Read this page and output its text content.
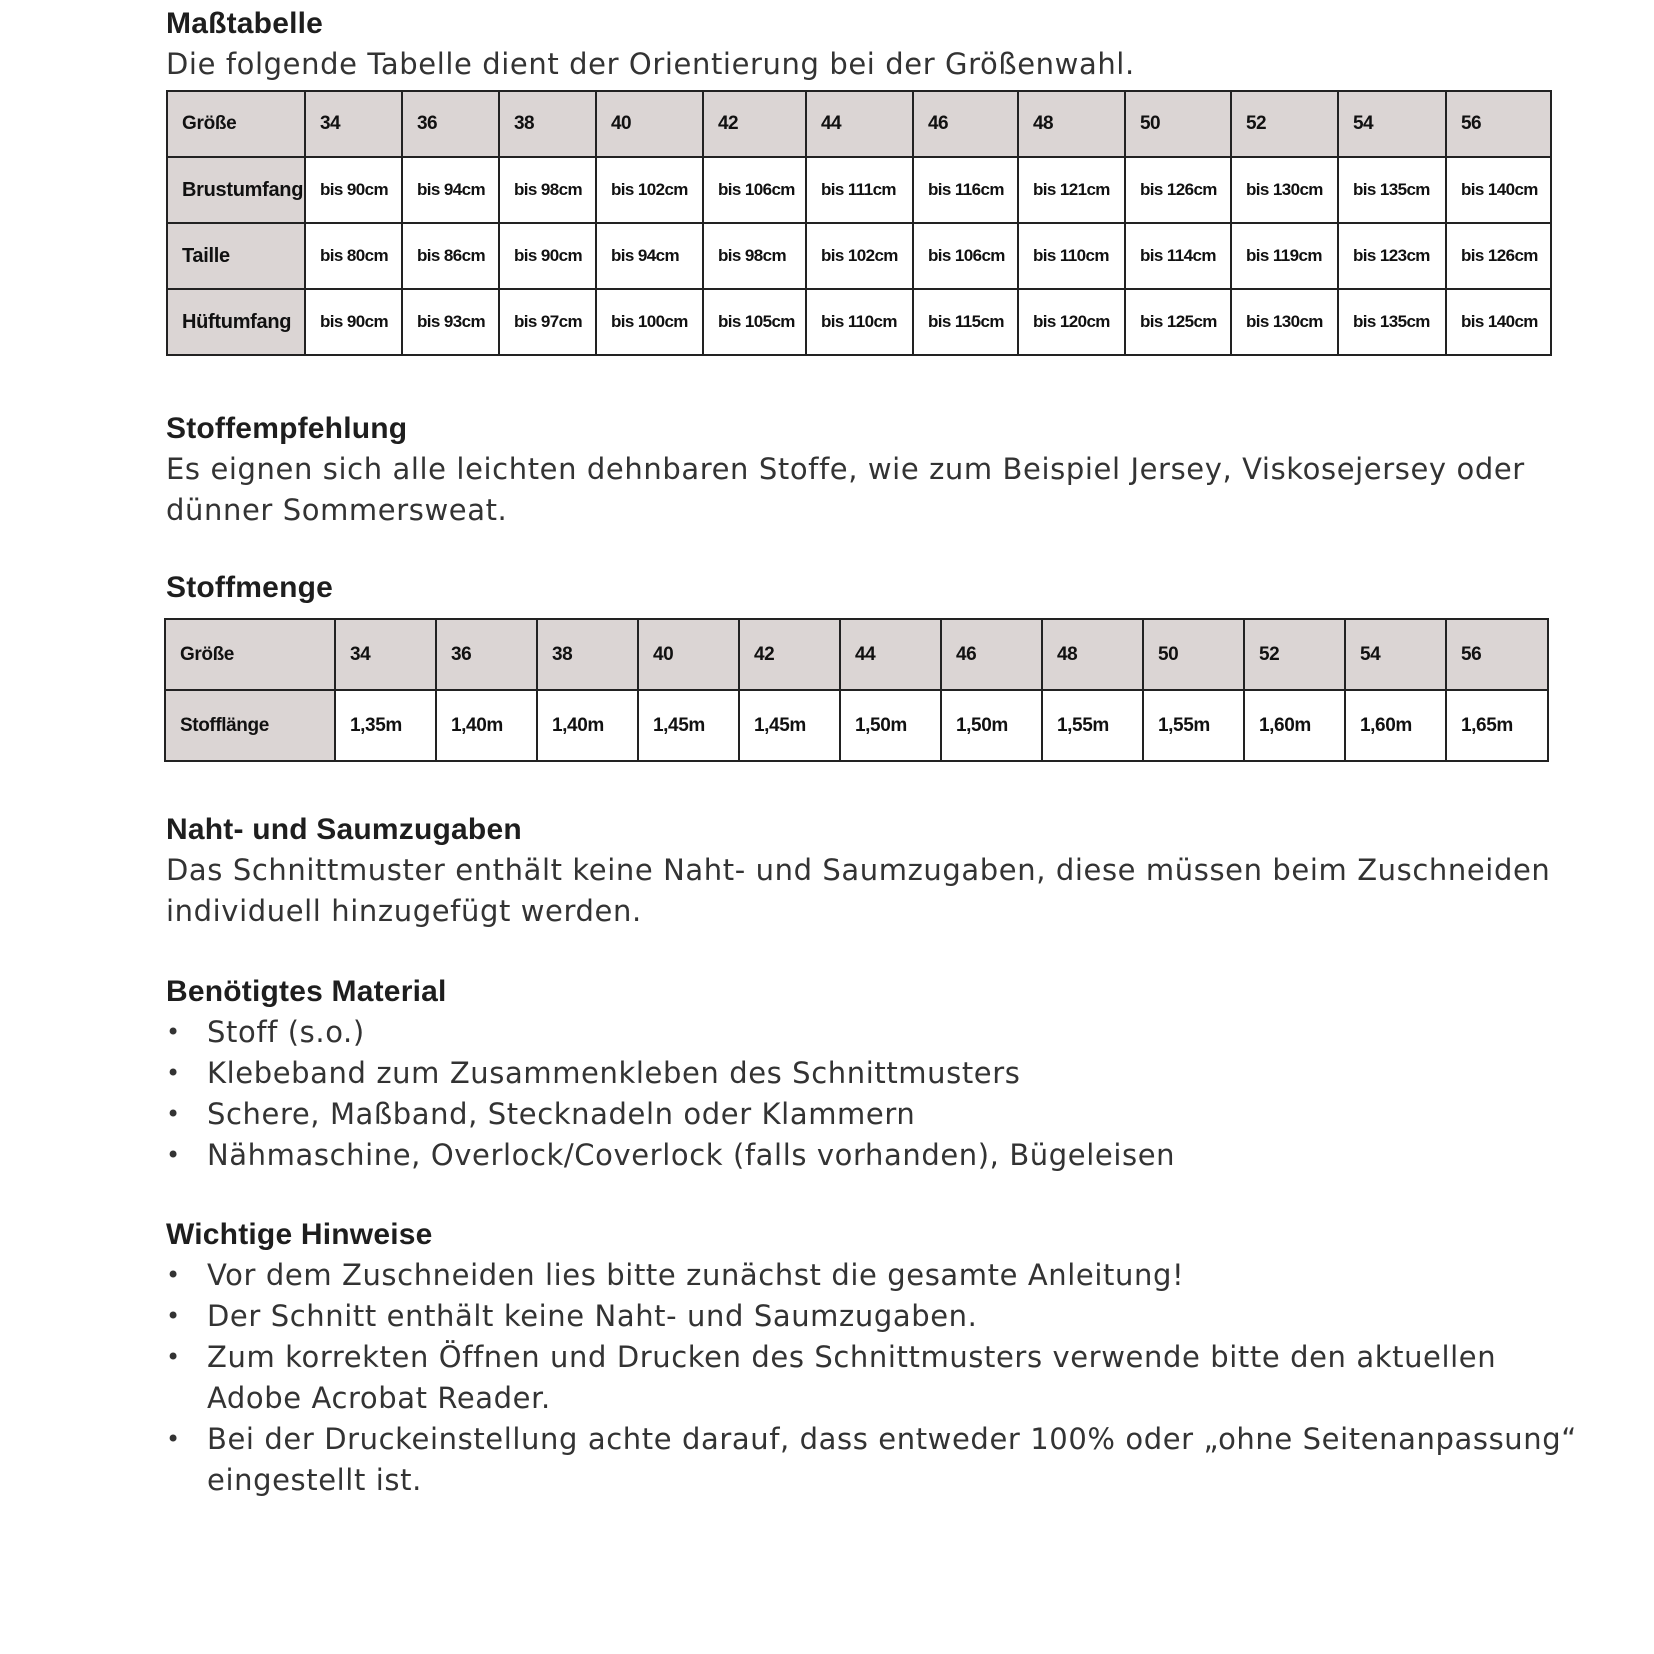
Maßtabelle

Die folgende Tabelle dient der Orientierung bei der Größenwahl.

Größe	34	36	38	40	42	44	46	48	50	52	54	56
Brustumfang	bis 90cm	bis 94cm	bis 98cm	bis 102cm	bis 106cm	bis 111cm	bis 116cm	bis 121cm	bis 126cm	bis 130cm	bis 135cm	bis 140cm
Taille	bis 80cm	bis 86cm	bis 90cm	bis 94cm	bis 98cm	bis 102cm	bis 106cm	bis 110cm	bis 114cm	bis 119cm	bis 123cm	bis 126cm
Hüftumfang	bis 90cm	bis 93cm	bis 97cm	bis 100cm	bis 105cm	bis 110cm	bis 115cm	bis 120cm	bis 125cm	bis 130cm	bis 135cm	bis 140cm
Stoffempfehlung

Es eignen sich alle leichten dehnbaren Stoffe, wie zum Beispiel Jersey, Viskosejersey oder

dünner Sommersweat.

Stoffmenge
Größe	34	36	38	40	42	44	46	48	50	52	54	56
Stofflänge	1,35m	1,40m	1,40m	1,45m	1,45m	1,50m	1,50m	1,55m	1,55m	1,60m	1,60m	1,65m
Naht- und Saumzugaben

Das Schnittmuster enthält keine Naht- und Saumzugaben, diese müssen beim Zuschneiden

individuell hinzugefügt werden.

Benötigtes Material
• Stoff (s.o.)
• Klebeband zum Zusammenkleben des Schnittmusters
• Schere, Maßband, Stecknadeln oder Klammern
• Nähmaschine, Overlock/Coverlock (falls vorhanden), Bügeleisen
Wichtige Hinweise
• Vor dem Zuschneiden lies bitte zunächst die gesamte Anleitung!
• Der Schnitt enthält keine Naht- und Saumzugaben.
• Zum korrekten Öffnen und Drucken des Schnittmusters verwende bitte den aktuellen
Adobe Acrobat Reader.
• Bei der Druckeinstellung achte darauf, dass entweder 100% oder „ohne Seitenanpassung“
eingestellt ist.
